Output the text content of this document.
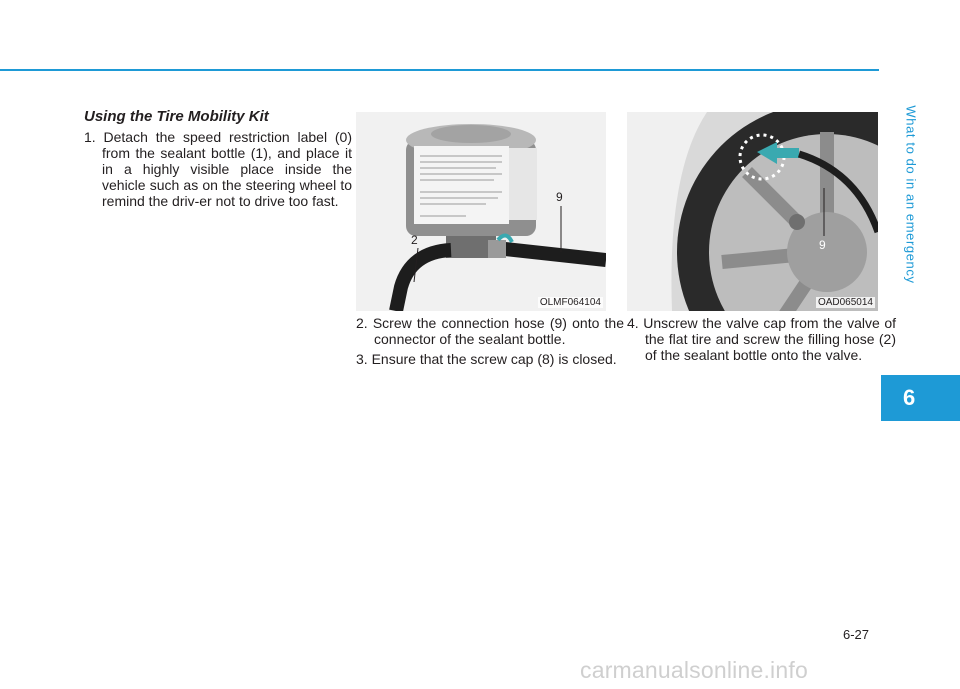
What to do in an emergency
6
Using the Tire Mobility Kit

1. Detach the speed restriction label (0) from the sealant bottle (1), and place it in a highly visible place inside the vehicle such as on the steering wheel to remind the driv-er not to drive too fast.	9
2
OLMF064104

2. Screw the connection hose (9) onto the connector of the sealant bottle.

3. Ensure that the screw cap (8) is closed.

9
OAD065014

4. Unscrew the valve cap from the valve of the flat tire and screw the filling hose (2) of the sealant bottle onto the valve.

6-27
carmanualsonline.info
